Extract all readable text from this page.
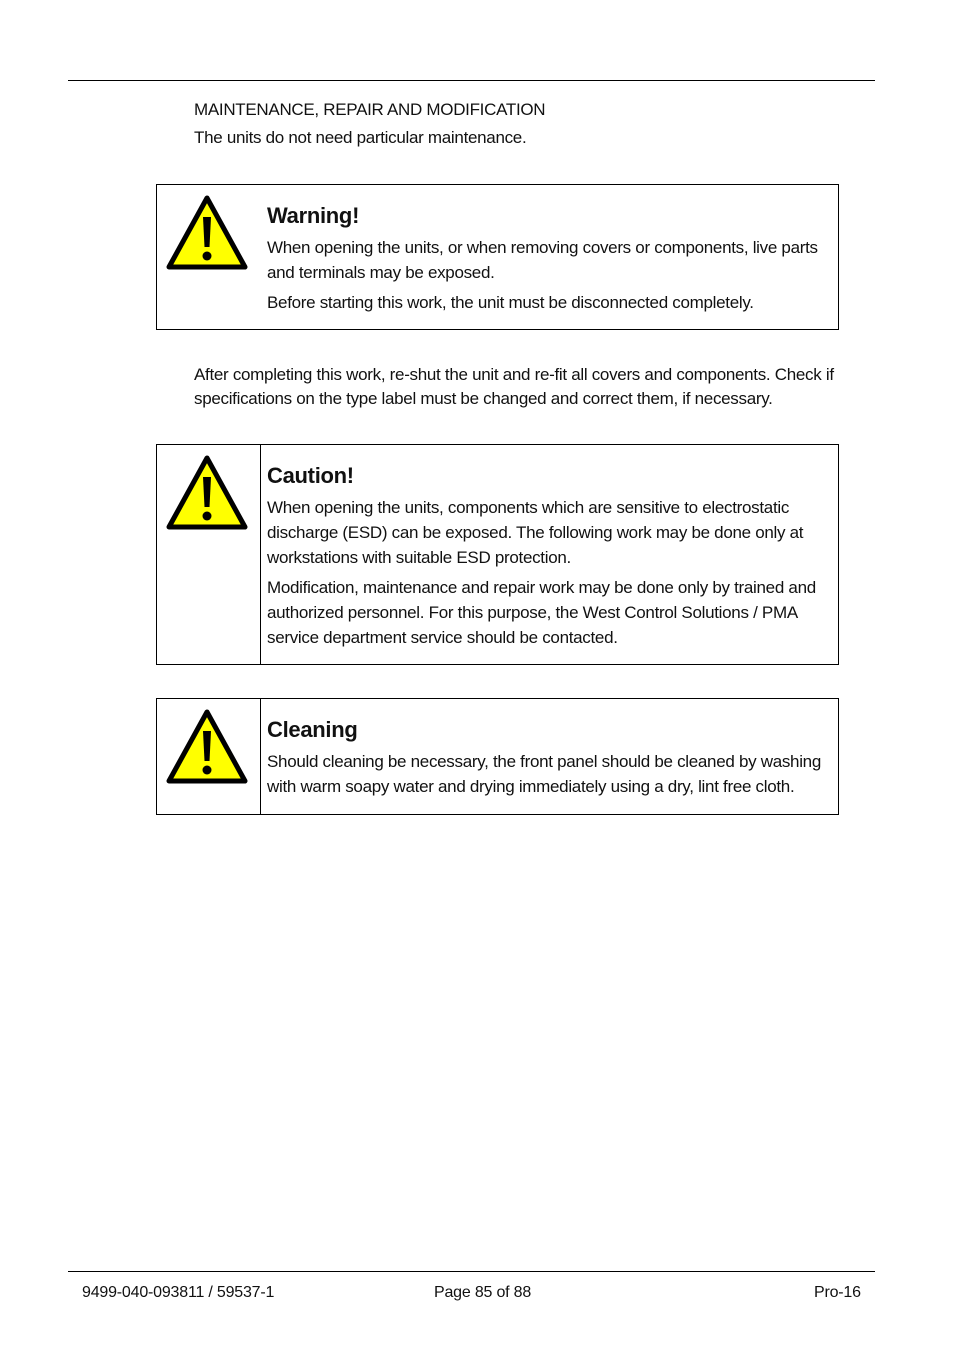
MAINTENANCE, REPAIR AND MODIFICATION
The units do not need particular maintenance.
Warning!

When opening the units, or when removing covers or components, live parts and terminals may be exposed.

Before starting this work, the unit must be disconnected completely.

After completing this work, re-shut the unit and re-fit all covers and components. Check if specifications on the type label must be changed and correct them, if necessary.
Caution!

When opening the units, components which are sensitive to electrostatic discharge (ESD) can be exposed. The following work may be done only at workstations with suitable ESD protection.

Modification, maintenance and repair work may be done only by trained and authorized personnel. For this purpose, the West Control Solutions / PMA service department service should be contacted.

Cleaning

Should cleaning be necessary, the front panel should be cleaned by washing with warm soapy water and drying immediately using a dry, lint free cloth.

9499-040-093811 / 59537-1	Page 85 of 88	Pro-16
